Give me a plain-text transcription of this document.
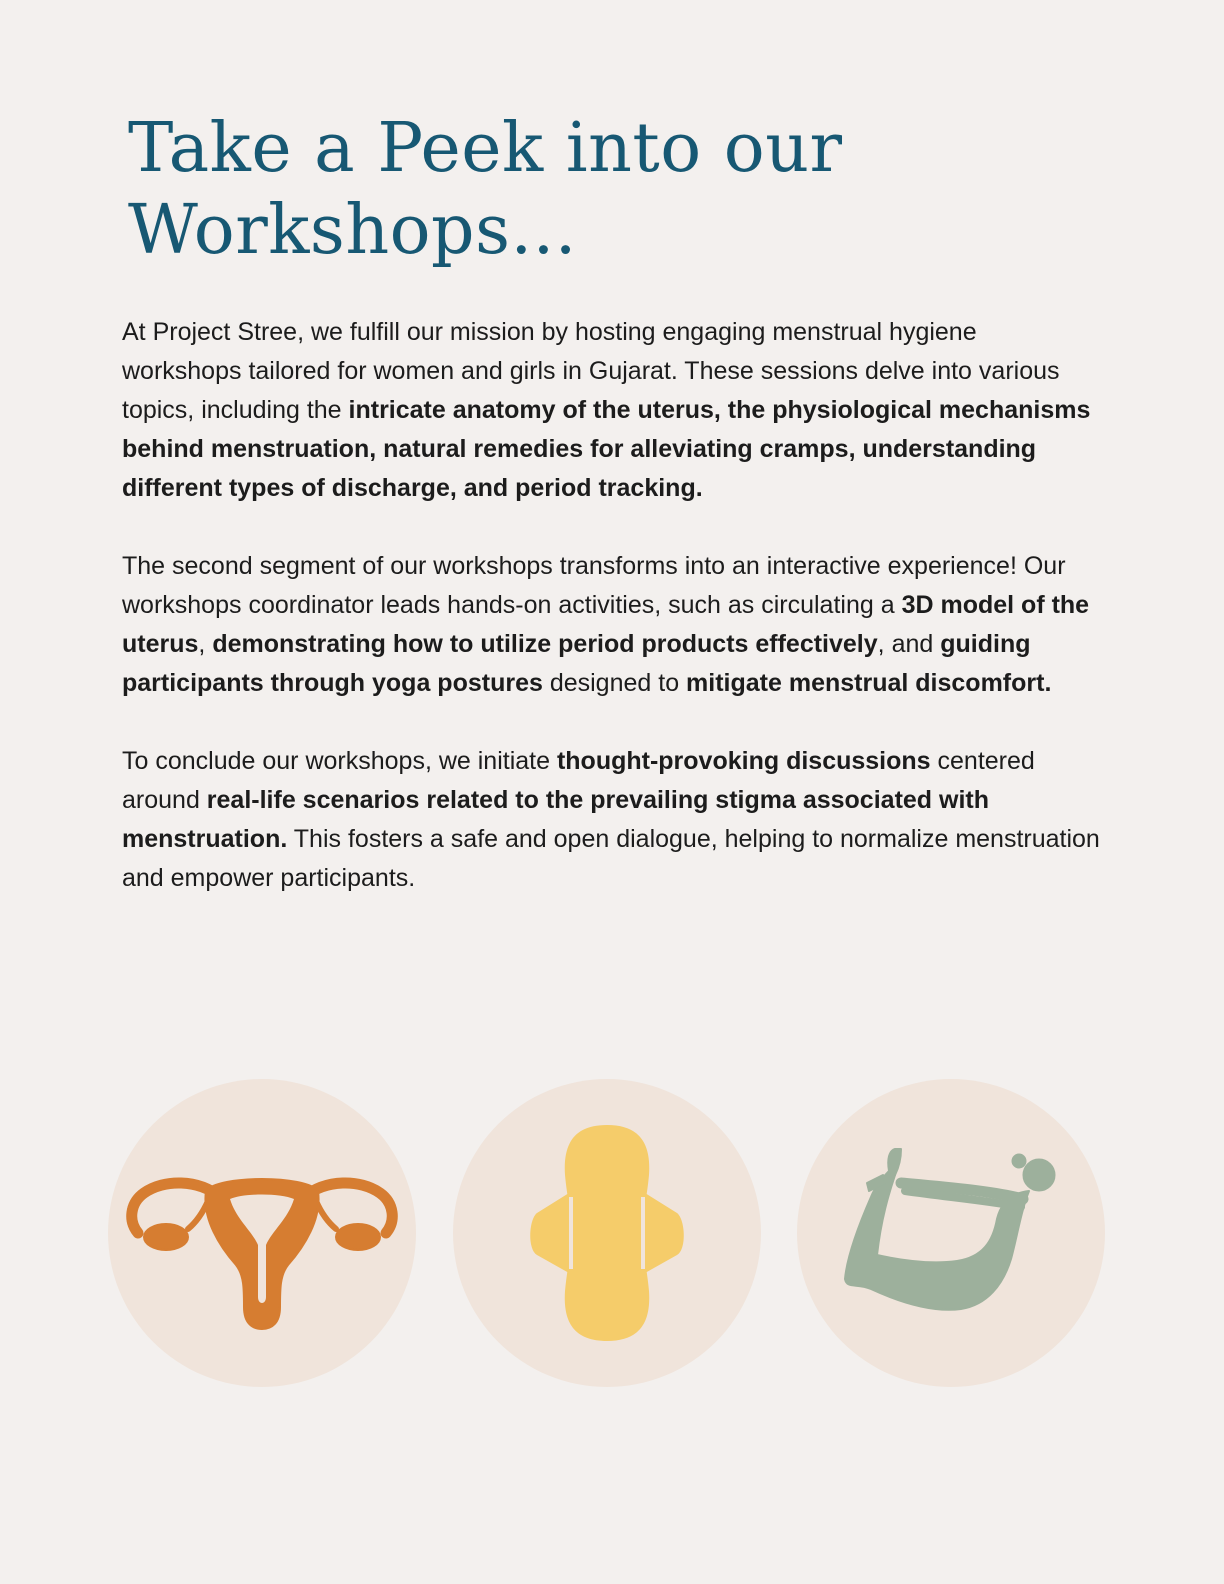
Take a Peek into our
Workshops...

At Project Stree, we fulfill our mission by hosting engaging menstrual hygiene workshops tailored for women and girls in Gujarat. These sessions delve into various topics, including the intricate anatomy of the uterus, the physiological mechanisms behind menstruation, natural remedies for alleviating cramps, understanding different types of discharge, and period tracking.

The second segment of our workshops transforms into an interactive experience! Our workshops coordinator leads hands-on activities, such as circulating a 3D model of the uterus, demonstrating how to utilize period products effectively, and guiding participants through yoga postures designed to mitigate menstrual discomfort.

To conclude our workshops, we initiate thought-provoking discussions centered around real-life scenarios related to the prevailing stigma associated with menstruation. This fosters a safe and open dialogue, helping to normalize menstruation and empower participants.
